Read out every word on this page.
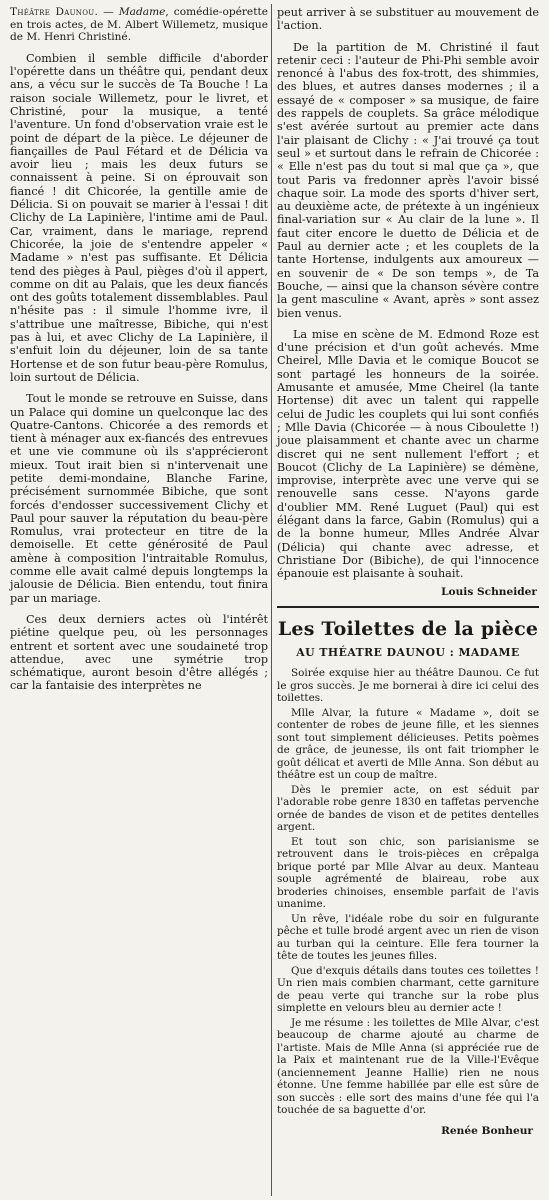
Théâtre Daunou. — Madame, comédie-opérette en trois actes, de M. Albert Willemetz, musique de M. Henri Christiné.

Combien il semble difficile d'aborder l'opérette dans un théâtre qui, pendant deux ans, a vécu sur le succès de Ta Bouche ! La raison sociale Willemetz, pour le livret, et Christiné, pour la musique, a tenté l'aventure. Un fond d'observation vraie est le point de départ de la pièce. Le déjeuner de fiançailles de Paul Fétard et de Délicia va avoir lieu ; mais les deux futurs se connaissent à peine. Si on éprouvait son fiancé ! dit Chicorée, la gentille amie de Délicia. Si on pouvait se marier à l'essai ! dit Clichy de La Lapinière, l'intime ami de Paul. Car, vraiment, dans le mariage, reprend Chicorée, la joie de s'entendre appeler « Madame » n'est pas suffisante. Et Délicia tend des pièges à Paul, pièges d'où il appert, comme on dit au Palais, que les deux fiancés ont des goûts totalement dissemblables. Paul n'hésite pas : il simule l'homme ivre, il s'attribue une maîtresse, Bibiche, qui n'est pas à lui, et avec Clichy de La Lapinière, il s'enfuit loin du déjeuner, loin de sa tante Hortense et de son futur beau-père Romulus, loin surtout de Délicia.

Tout le monde se retrouve en Suisse, dans un Palace qui domine un quelconque lac des Quatre-Cantons. Chicorée a des remords et tient à ménager aux ex-fiancés des entrevues et une vie commune où ils s'apprécieront mieux. Tout irait bien si n'intervenait une petite demi-mondaine, Blanche Farine, précisément surnommée Bibiche, que sont forcés d'endosser successivement Clichy et Paul pour sauver la réputation du beau-père Romulus, vrai protecteur en titre de la demoiselle. Et cette générosité de Paul amène à composition l'intraitable Romulus, comme elle avait calmé depuis longtemps la jalousie de Délicia. Bien entendu, tout finira par un mariage.

Ces deux derniers actes où l'intérêt piétine quelque peu, où les personnages entrent et sortent avec une soudaineté trop attendue, avec une symétrie trop schématique, auront besoin d'être allégés ; car la fantaisie des interprètes ne

peut arriver à se substituer au mouvement de l'action.

De la partition de M. Christiné il faut retenir ceci : l'auteur de Phi-Phi semble avoir renoncé à l'abus des fox-trott, des shimmies, des blues, et autres danses modernes ; il a essayé de « composer » sa musique, de faire des rappels de couplets. Sa grâce mélodique s'est avérée surtout au premier acte dans l'air plaisant de Clichy : « J'ai trouvé ça tout seul » et surtout dans le refrain de Chicorée : « Elle n'est pas du tout si mal que ça », que tout Paris va fredonner après l'avoir bissé chaque soir. La mode des sports d'hiver sert, au deuxième acte, de prétexte à un ingénieux final-variation sur « Au clair de la lune ». Il faut citer encore le duetto de Délicia et de Paul au dernier acte ; et les couplets de la tante Hortense, indulgents aux amoureux — en souvenir de « De son temps », de Ta Bouche, — ainsi que la chanson sévère contre la gent masculine « Avant, après » sont assez bien venus.

La mise en scène de M. Edmond Roze est d'une précision et d'un goût achevés. Mme Cheirel, Mlle Davia et le comique Boucot se sont partagé les honneurs de la soirée. Amusante et amusée, Mme Cheirel (la tante Hortense) dit avec un talent qui rappelle celui de Judic les couplets qui lui sont confiés ; Mlle Davia (Chicorée — à nous Ciboulette !) joue plaisamment et chante avec un charme discret qui ne sent nullement l'effort ; et Boucot (Clichy de La Lapinière) se démène, improvise, interprète avec une verve qui se renouvelle sans cesse. N'ayons garde d'oublier MM. René Luguet (Paul) qui est élégant dans la farce, Gabin (Romulus) qui a de la bonne humeur, Mlles Andrée Alvar (Délicia) qui chante avec adresse, et Christiane Dor (Bibiche), de qui l'innocence épanouie est plaisante à souhait.

Louis Schneider
Les Toilettes de la pièce
AU THÉATRE DAUNOU : MADAME

Soirée exquise hier au théâtre Daunou. Ce fut le gros succès. Je me bornerai à dire ici celui des toilettes.

Mlle Alvar, la future « Madame », doit se contenter de robes de jeune fille, et les siennes sont tout simplement délicieuses. Petits poèmes de grâce, de jeunesse, ils ont fait triompher le goût délicat et averti de Mlle Anna. Son début au théâtre est un coup de maître.

Dès le premier acte, on est séduit par l'adorable robe genre 1830 en taffetas pervenche ornée de bandes de vison et de petites dentelles argent.

Et tout son chic, son parisianisme se retrouvent dans le trois-pièces en crêpalga brique porté par Mlle Alvar au deux. Manteau souple agrémenté de blaireau, robe aux broderies chinoises, ensemble parfait de l'avis unanime.

Un rêve, l'idéale robe du soir en fulgurante pêche et tulle brodé argent avec un rien de vison au turban qui la ceinture. Elle fera tourner la tête de toutes les jeunes filles.

Que d'exquis détails dans toutes ces toilettes ! Un rien mais combien charmant, cette garniture de peau verte qui tranche sur la robe plus simplette en velours bleu au dernier acte !

Je me résume : les toilettes de Mlle Alvar, c'est beaucoup de charme ajouté au charme de l'artiste. Mais de Mlle Anna (si appréciée rue de la Paix et maintenant rue de la Ville-l'Evêque (anciennement Jeanne Hallie) rien ne nous étonne. Une femme habillée par elle est sûre de son succès : elle sort des mains d'une fée qui l'a touchée de sa baguette d'or.

Renée Bonheur
